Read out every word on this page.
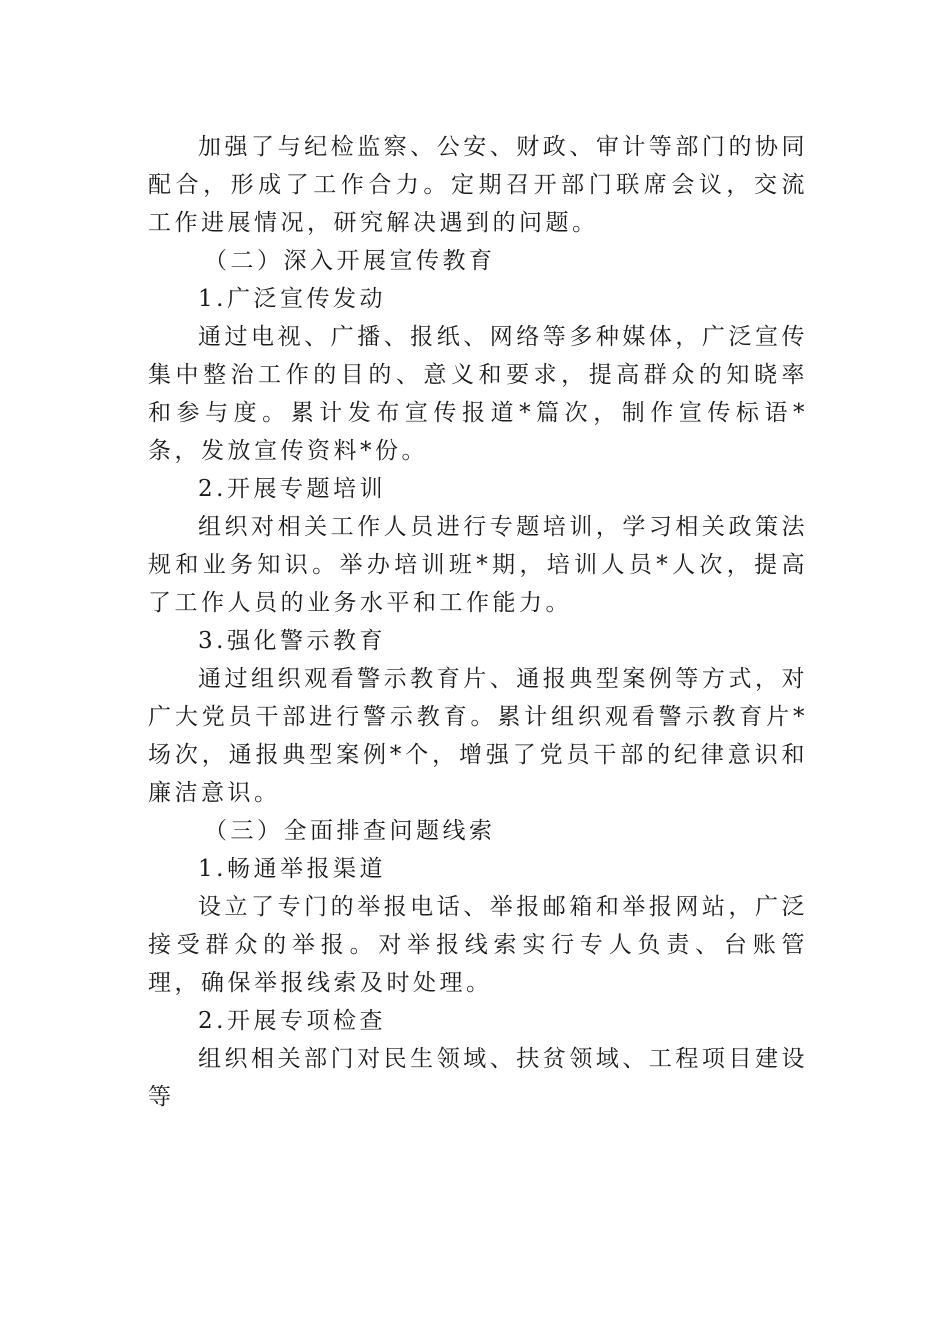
加强了与纪检监察、公安、财政、审计等部门的协同配合，形成了工作合力。定期召开部门联席会议，交流工作进展情况，研究解决遇到的问题。

（二）深入开展宣传教育

1.广泛宣传发动

通过电视、广播、报纸、网络等多种媒体，广泛宣传集中整治工作的目的、意义和要求，提高群众的知晓率和参与度。累计发布宣传报道*篇次，制作宣传标语*条，发放宣传资料*份。

2.开展专题培训

组织对相关工作人员进行专题培训，学习相关政策法规和业务知识。举办培训班*期，培训人员*人次，提高了工作人员的业务水平和工作能力。

3.强化警示教育

通过组织观看警示教育片、通报典型案例等方式，对广大党员干部进行警示教育。累计组织观看警示教育片*场次，通报典型案例*个，增强了党员干部的纪律意识和廉洁意识。

（三）全面排查问题线索

1.畅通举报渠道

设立了专门的举报电话、举报邮箱和举报网站，广泛接受群众的举报。对举报线索实行专人负责、台账管理，确保举报线索及时处理。

2.开展专项检查

组织相关部门对民生领域、扶贫领域、工程项目建设等
